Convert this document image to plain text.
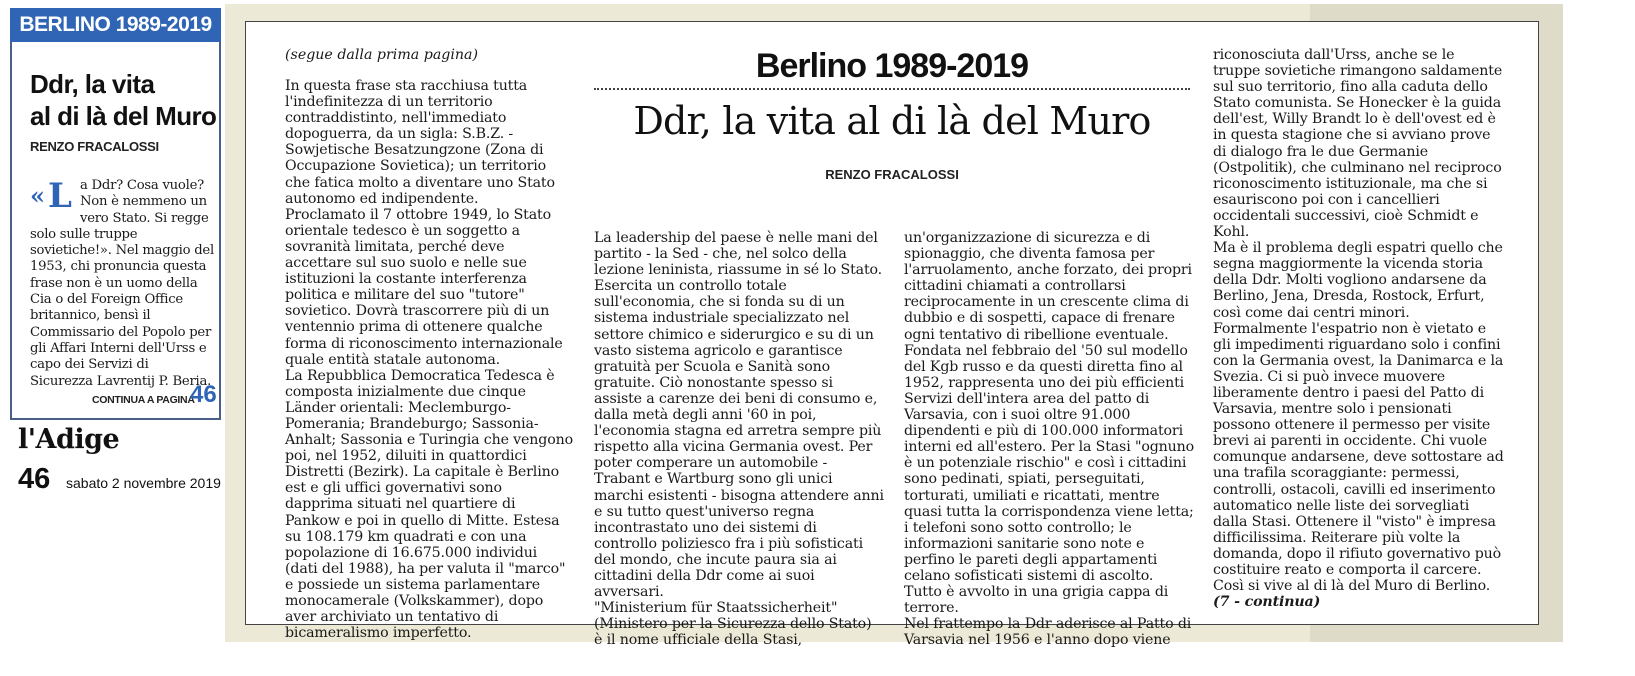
BERLINO 1989-2019
Ddr, la vita
al di là del Muro
RENZO FRACALOSSI
« L a Ddr? Cosa vuole? Non è nemmeno un vero Stato. Si regge solo sulle truppe sovietiche!». Nel maggio del 1953, chi pronuncia questa frase non è un uomo della Cia o del Foreign Office britannico, bensì il Commissario del Popolo per gli Affari Interni dell'Urss e capo dei Servizi di Sicurezza Lavrentij P. Beria.
CONTINUA A PAGINA
46
l'Adige
46 sabato 2 novembre 2019
(segue dalla prima pagina)	Berlino 1989-2019
Ddr, la vita al di là del Muro
RENZO FRACALOSSI

In questa frase sta racchiusa tutta l'indefinitezza di un territorio contraddistinto, nell'immediato dopoguerra, da un sigla: S.B.Z. - Sowjetische Besatzungzone (Zona di Occupazione Sovietica); un territorio che fatica molto a diventare uno Stato autonomo ed indipendente.

Proclamato il 7 ottobre 1949, lo Stato orientale tedesco è un soggetto a sovranità limitata, perché deve accettare sul suo suolo e nelle sue istituzioni la costante interferenza politica e militare del suo "tutore" sovietico. Dovrà trascorrere più di un ventennio prima di ottenere qualche forma di riconoscimento internazionale quale entità statale autonoma.

La Repubblica Democratica Tedesca è composta inizialmente due cinque Länder orientali: Meclemburgo-Pomerania; Brandeburgo; Sassonia-Anhalt; Sassonia e Turingia che vengono poi, nel 1952, diluiti in quattordici Distretti (Bezirk). La capitale è Berlino est e gli uffici governativi sono dapprima situati nel quartiere di Pankow e poi in quello di Mitte. Estesa su 108.179 km quadrati e con una popolazione di 16.675.000 individui (dati del 1988), ha per valuta il "marco" e possiede un sistema parlamentare monocamerale (Volkskammer), dopo aver archiviato un tentativo di bicameralismo imperfetto.

La leadership del paese è nelle mani del partito - la Sed - che, nel solco della lezione leninista, riassume in sé lo Stato. Esercita un controllo totale sull'economia, che si fonda su di un sistema industriale specializzato nel settore chimico e siderurgico e su di un vasto sistema agricolo e garantisce gratuità per Scuola e Sanità sono gratuite. Ciò nonostante spesso si assiste a carenze dei beni di consumo e, dalla metà degli anni '60 in poi, l'economia stagna ed arretra sempre più rispetto alla vicina Germania ovest. Per poter comperare un automobile - Trabant e Wartburg sono gli unici marchi esistenti - bisogna attendere anni e su tutto quest'universo regna incontrastato uno dei sistemi di controllo poliziesco fra i più sofisticati del mondo, che incute paura sia ai cittadini della Ddr come ai suoi avversari.

"Ministerium für Staatssicherheit" (Ministero per la Sicurezza dello Stato) è il nome ufficiale della Stasi,

un'organizzazione di sicurezza e di spionaggio, che diventa famosa per l'arruolamento, anche forzato, dei propri cittadini chiamati a controllarsi reciprocamente in un crescente clima di dubbio e di sospetti, capace di frenare ogni tentativo di ribellione eventuale.

Fondata nel febbraio del '50 sul modello del Kgb russo e da questi diretta fino al 1952, rappresenta uno dei più efficienti Servizi dell'intera area del patto di Varsavia, con i suoi oltre 91.000 dipendenti e più di 100.000 informatori interni ed all'estero. Per la Stasi "ognuno è un potenziale rischio" e così i cittadini sono pedinati, spiati, perseguitati, torturati, umiliati e ricattati, mentre quasi tutta la corrispondenza viene letta; i telefoni sono sotto controllo; le informazioni sanitarie sono note e perfino le pareti degli appartamenti celano sofisticati sistemi di ascolto. Tutto è avvolto in una grigia cappa di terrore.

Nel frattempo la Ddr aderisce al Patto di Varsavia nel 1956 e l'anno dopo viene

riconosciuta dall'Urss, anche se le truppe sovietiche rimangono saldamente sul suo territorio, fino alla caduta dello Stato comunista. Se Honecker è la guida dell'est, Willy Brandt lo è dell'ovest ed è in questa stagione che si avviano prove di dialogo fra le due Germanie (Ostpolitik), che culminano nel reciproco riconoscimento istituzionale, ma che si esauriscono poi con i cancellieri occidentali successivi, cioè Schmidt e Kohl.

Ma è il problema degli espatri quello che segna maggiormente la vicenda storia della Ddr. Molti vogliono andarsene da Berlino, Jena, Dresda, Rostock, Erfurt, così come dai centri minori.

Formalmente l'espatrio non è vietato e gli impedimenti riguardano solo i confini con la Germania ovest, la Danimarca e la Svezia. Ci si può invece muovere liberamente dentro i paesi del Patto di Varsavia, mentre solo i pensionati possono ottenere il permesso per visite brevi ai parenti in occidente. Chi vuole comunque andarsene, deve sottostare ad una trafila scoraggiante: permessi, controlli, ostacoli, cavilli ed inserimento automatico nelle liste dei sorvegliati dalla Stasi. Ottenere il "visto" è impresa difficilissima. Reiterare più volte la domanda, dopo il rifiuto governativo può costituire reato e comporta il carcere.

Così si vive al di là del Muro di Berlino.

(7 - continua)
